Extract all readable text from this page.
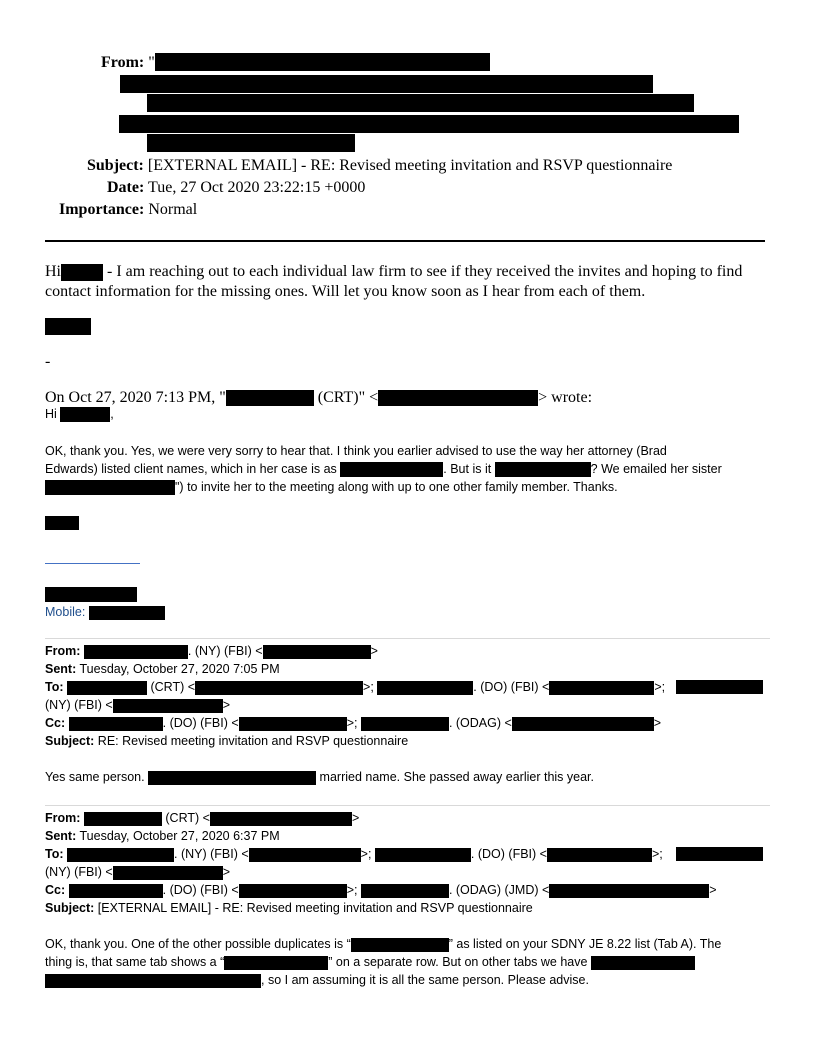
From: "
Subject: [EXTERNAL EMAIL] - RE: Revised meeting invitation and RSVP questionnaire
Date: Tue, 27 Oct 2020 23:22:15 +0000
Importance: Normal
Hi	- I am reaching out to each individual law firm to see if they received the invites and hoping to find
contact information for the missing ones. Will let you know soon as I hear from each of them.
-
On Oct 27, 2020 7:13 PM, "	(CRT)" <	> wrote:
Hi	,
OK, thank you. Yes, we were very sorry to hear that. I think you earlier advised to use the way her attorney (Brad
Edwards) listed client names, which in her case is as	. But is it	? We emailed her sister
") to invite her to the meeting along with up to one other family member. Thanks.
Mobile:
From:	. (NY) (FBI) <	>
Sent: Tuesday, October 27, 2020 7:05 PM
To:	(CRT) <	>;	. (DO) (FBI) <	>;
(NY) (FBI) <	>
Cc:	. (DO) (FBI) <	>;	. (ODAG) <	>
Subject: RE: Revised meeting invitation and RSVP questionnaire
Yes same person.	married name. She passed away earlier this year.
From:	(CRT) <	>
Sent: Tuesday, October 27, 2020 6:37 PM
To:	. (NY) (FBI) <	>;	. (DO) (FBI) <	>;
(NY) (FBI) <	>
Cc:	. (DO) (FBI) <	>;	. (ODAG) (JMD) <	>
Subject: [EXTERNAL EMAIL] - RE: Revised meeting invitation and RSVP questionnaire
OK, thank you. One of the other possible duplicates is “	” as listed on your SDNY JE 8.22 list (Tab A). The
thing is, that same tab shows a “	” on a separate row. But on other tabs we have
, so I am assuming it is all the same person. Please advise.
